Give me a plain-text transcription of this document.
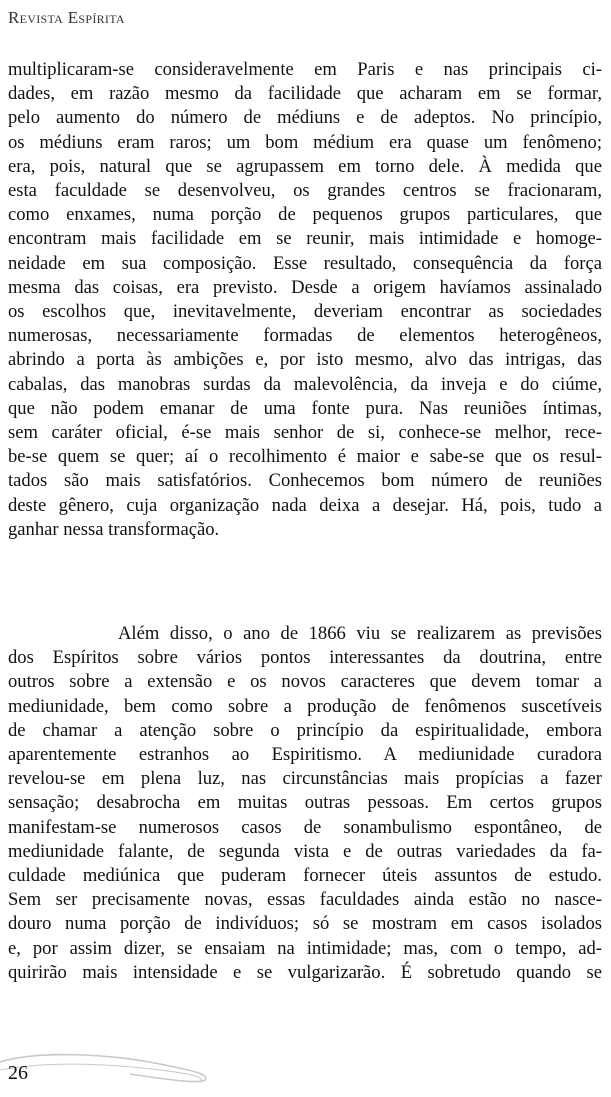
Revista Espírita
multiplicaram-se consideravelmente em Paris e nas principais ci-
dades, em razão mesmo da facilidade que acharam em se formar,
pelo aumento do número de médiuns e de adeptos. No princípio,
os médiuns eram raros; um bom médium era quase um fenômeno;
era, pois, natural que se agrupassem em torno dele. À medida que
esta faculdade se desenvolveu, os grandes centros se fracionaram,
como enxames, numa porção de pequenos grupos particulares, que
encontram mais facilidade em se reunir, mais intimidade e homoge-
neidade em sua composição. Esse resultado, consequência da força
mesma das coisas, era previsto. Desde a origem havíamos assinalado
os escolhos que, inevitavelmente, deveriam encontrar as sociedades
numerosas, necessariamente formadas de elementos heterogêneos,
abrindo a porta às ambições e, por isto mesmo, alvo das intrigas, das
cabalas, das manobras surdas da malevolência, da inveja e do ciúme,
que não podem emanar de uma fonte pura. Nas reuniões íntimas,
sem caráter oficial, é-se mais senhor de si, conhece-se melhor, rece-
be-se quem se quer; aí o recolhimento é maior e sabe-se que os resul-
tados são mais satisfatórios. Conhecemos bom número de reuniões
deste gênero, cuja organização nada deixa a desejar. Há, pois, tudo a
ganhar nessa transformação.
Além disso, o ano de 1866 viu se realizarem as previsões
dos Espíritos sobre vários pontos interessantes da doutrina, entre
outros sobre a extensão e os novos caracteres que devem tomar a
mediunidade, bem como sobre a produção de fenômenos suscetíveis
de chamar a atenção sobre o princípio da espiritualidade, embora
aparentemente estranhos ao Espiritismo. A mediunidade curadora
revelou-se em plena luz, nas circunstâncias mais propícias a fazer
sensação; desabrocha em muitas outras pessoas. Em certos grupos
manifestam-se numerosos casos de sonambulismo espontâneo, de
mediunidade falante, de segunda vista e de outras variedades da fa-
culdade mediúnica que puderam fornecer úteis assuntos de estudo.
Sem ser precisamente novas, essas faculdades ainda estão no nasce-
douro numa porção de indivíduos; só se mostram em casos isolados
e, por assim dizer, se ensaiam na intimidade; mas, com o tempo, ad-
quirirão mais intensidade e se vulgarizarão. É sobretudo quando se
26
